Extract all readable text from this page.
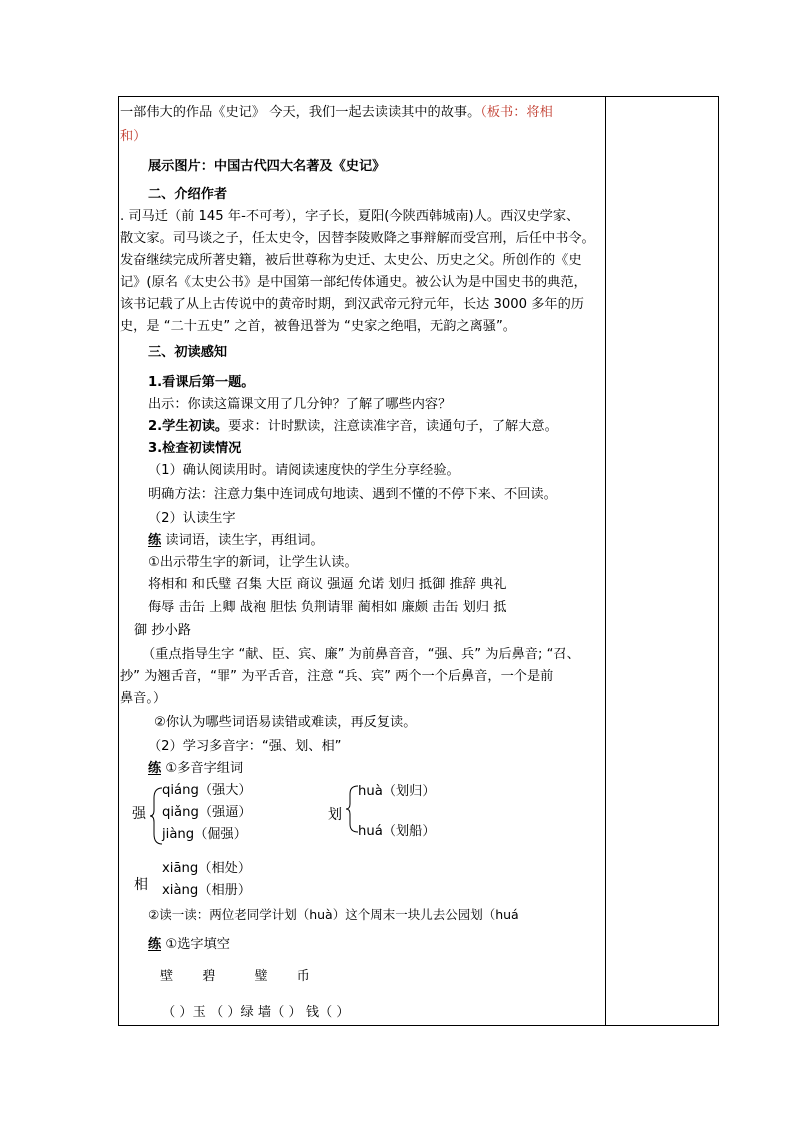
一部伟大的作品《史记》 今天，我们一起去读读其中的故事。（板书：将相
和）
展示图片：中国古代四大名著及《史记》
二、介绍作者
. 司马迁（前 145 年-不可考），字子长，夏阳(今陕西韩城南)人。西汉史学家、
散文家。司马谈之子，任太史令，因替李陵败降之事辩解而受宫刑，后任中书令。
发奋继续完成所著史籍，被后世尊称为史迁、太史公、历史之父。所创作的《史
记》(原名《太史公书》是中国第一部纪传体通史。被公认为是中国史书的典范，
该书记载了从上古传说中的黄帝时期，到汉武帝元狩元年，长达 3000 多年的历
史，是 “二十五史” 之首，被鲁迅誉为 “史家之绝唱，无韵之离骚”。
三、初读感知
1.看课后第一题。
出示：你读这篇课文用了几分钟？了解了哪些内容？
2.学生初读。要求：计时默读，注意读准字音，读通句子，了解大意。
3.检查初读情况
（1）确认阅读用时。请阅读速度快的学生分享经验。
明确方法：注意力集中连词成句地读、遇到不懂的不停下来、不回读。
（2）认读生字
练 读词语，读生字，再组词。
①出示带生字的新词，让学生认读。
将相和 和氏璧 召集 大臣 商议 强逼 允诺 划归 抵御 推辞 典礼
侮辱 击缶 上卿 战袍 胆怯 负荆请罪 蔺相如 廉颇 击缶 划归 抵
御 抄小路
（重点指导生字 “献、臣、宾、廉” 为前鼻音音，“强、兵” 为后鼻音; “召、
抄” 为翘舌音，“罪” 为平舌音，注意 “兵、宾” 两个一个后鼻音，一个是前
鼻音。）
②你认为哪些词语易读错或难读，再反复读。
（2）学习多音字：“强、划、相”
练 ①多音字组词
强
qiáng（强大）
qiǎng（强逼）
jiàng（倔强）
划
huà（划归）
huá（划船）
相
xiāng（相处）
xiàng（相册）
②读一读：两位老同学计划（huà）这个周末一块儿去公园划（huá
练 ①选字填空
壁 碧	璧 币
（ ）玉 （ ）绿 墙（ ） 钱（ ）
